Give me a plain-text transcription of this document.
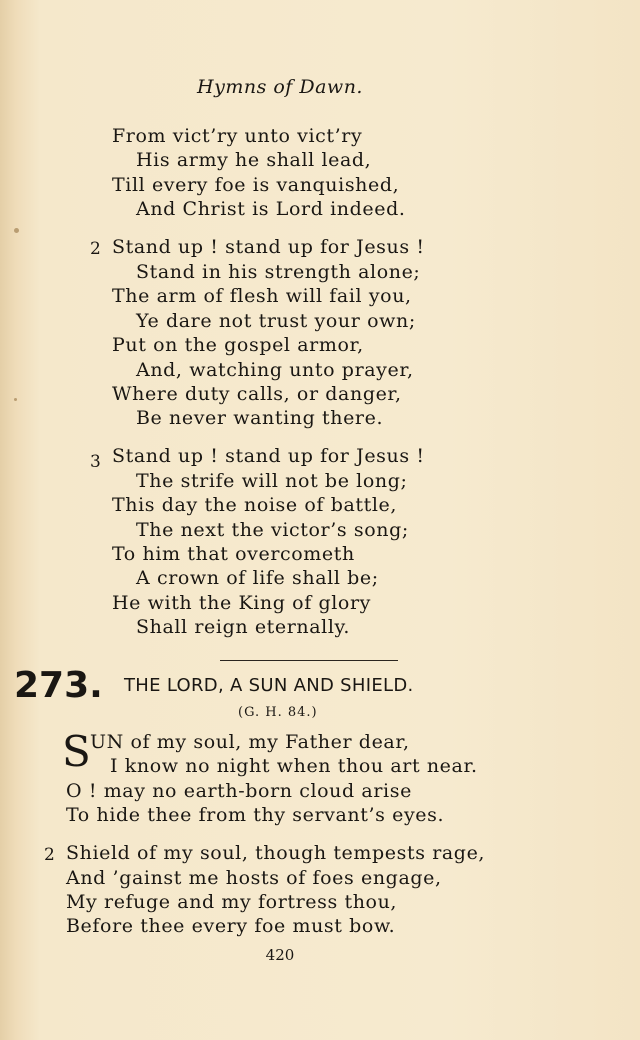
Hymns of Dawn.
From vict’ry unto vict’ry
His army he shall lead,
Till every foe is vanquished,
And Christ is Lord indeed.
2 Stand up ! stand up for Jesus !
Stand in his strength alone;
The arm of flesh will fail you,
Ye dare not trust your own;
Put on the gospel armor,
And, watching unto prayer,
Where duty calls, or danger,
Be never wanting there.
3 Stand up ! stand up for Jesus !
The strife will not be long;
This day the noise of battle,
The next the victor’s song;
To him that overcometh
A crown of life shall be;
He with the King of glory
Shall reign eternally.
273. THE LORD, A SUN AND SHIELD.
(G. H. 84.)
S UN of my soul, my Father dear,
I know no night when thou art near.
O ! may no earth-born cloud arise
To hide thee from thy servant’s eyes.
2 Shield of my soul, though tempests rage,
And ’gainst me hosts of foes engage,
My refuge and my fortress thou,
Before thee every foe must bow.
420
